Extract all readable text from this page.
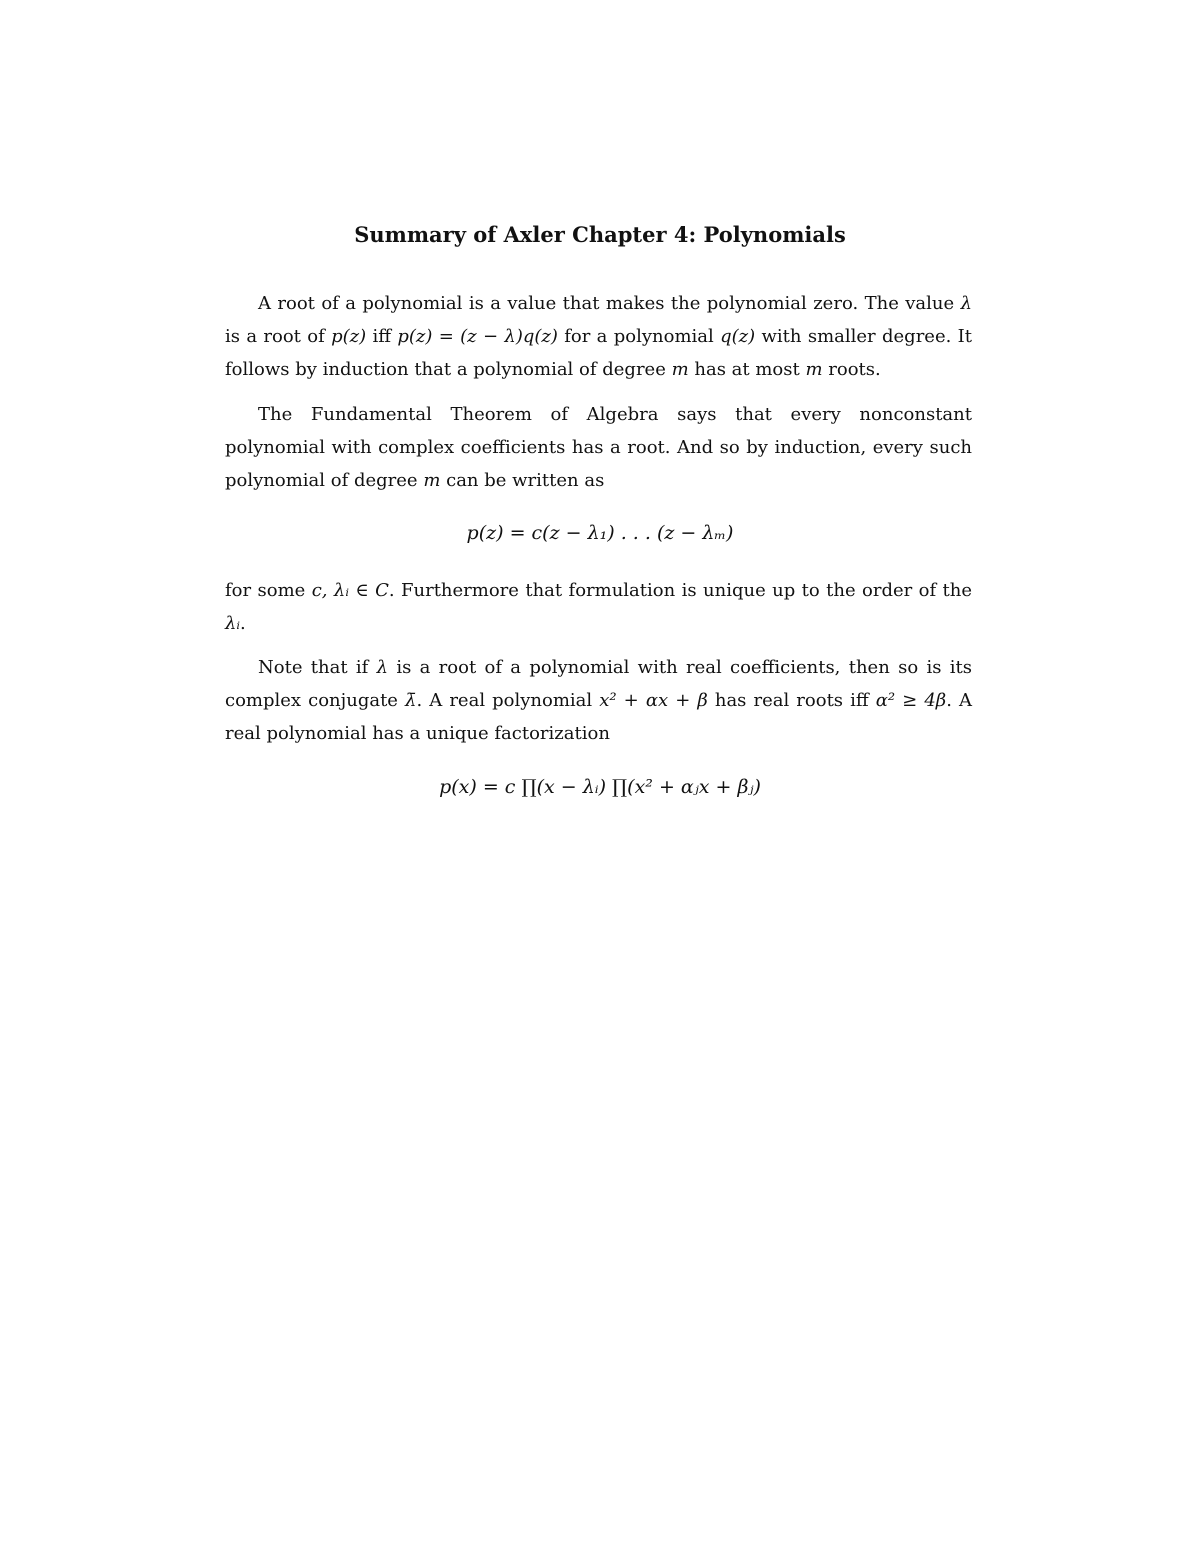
Summary of Axler Chapter 4: Polynomials

A root of a polynomial is a value that makes the polynomial zero. The value λ is a root of p(z) iff p(z) = (z − λ)q(z) for a polynomial q(z) with smaller degree. It follows by induction that a polynomial of degree m has at most m roots.

The Fundamental Theorem of Algebra says that every nonconstant polynomial with complex coefficients has a root. And so by induction, every such polynomial of degree m can be written as

p(z) = c(z − λ₁) . . . (z − λₘ)

for some c, λᵢ ∈ C. Furthermore that formulation is unique up to the order of the λᵢ.

Note that if λ is a root of a polynomial with real coefficients, then so is its complex conjugate λ̄. A real polynomial x² + αx + β has real roots iff α² ≥ 4β. A real polynomial has a unique factorization

p(x) = c ∏(x − λᵢ) ∏(x² + αⱼx + βⱼ)
